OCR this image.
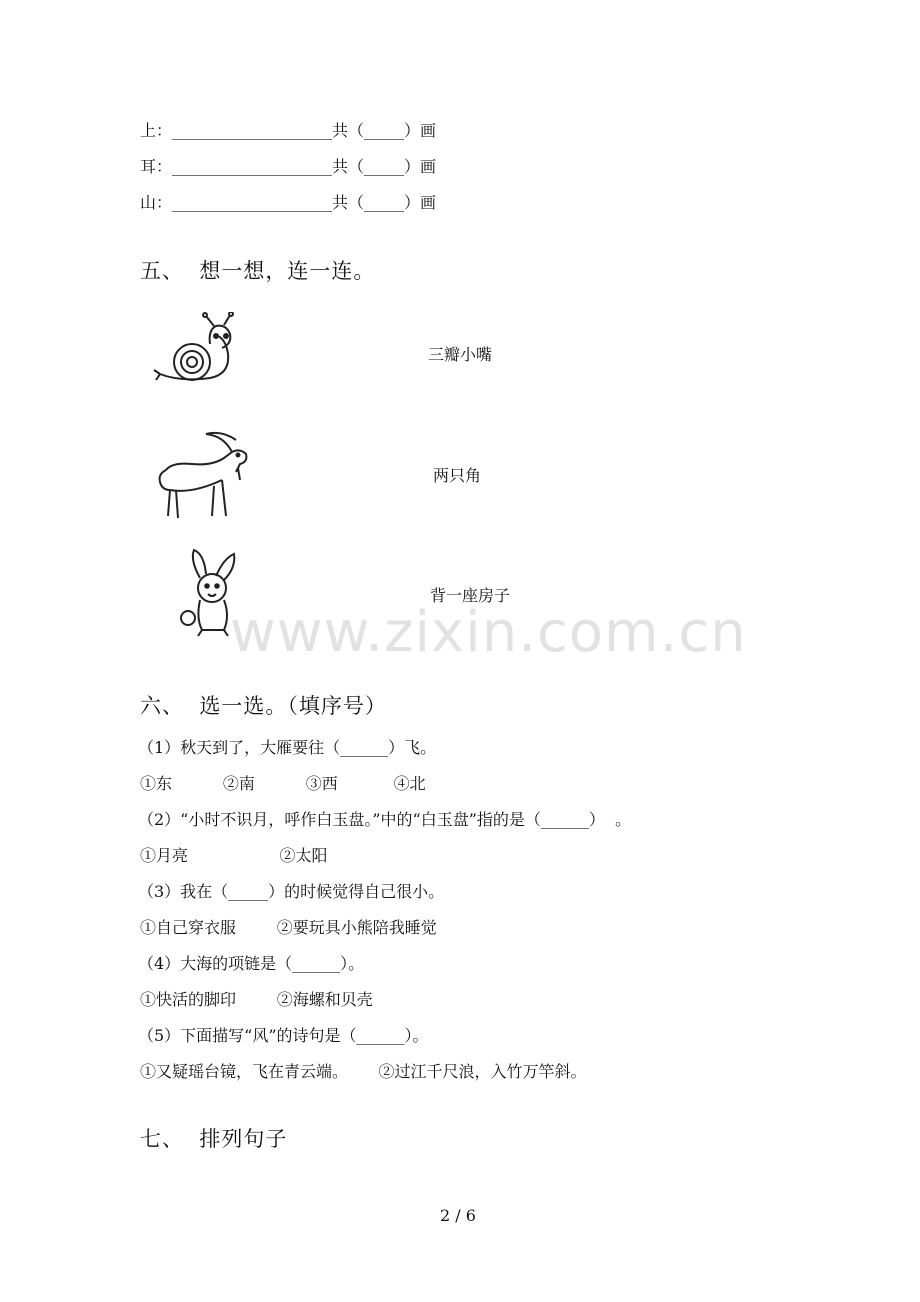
上：____________________共（_____）画
耳：____________________共（_____）画
山：____________________共（_____）画
五、  想一想，连一连。
三瓣小嘴
两只角
背一座房子
www.zixin.com.cn
六、  选一选。（填序号）
（1）秋天到了，大雁要往（______）飞。
①东          ②南          ③西           ④北
（2）“小时不识月，呼作白玉盘。”中的“白玉盘”指的是（______）  。
①月亮                  ②太阳
（3）我在（_____）的时候觉得自己很小。
①自己穿衣服        ②要玩具小熊陪我睡觉
（4）大海的项链是（______）。
①快活的脚印        ②海螺和贝壳
（5）下面描写“风”的诗句是（______）。
①又疑瑶台镜，飞在青云端。      ②过江千尺浪，入竹万竿斜。
七、  排列句子
2 / 6
